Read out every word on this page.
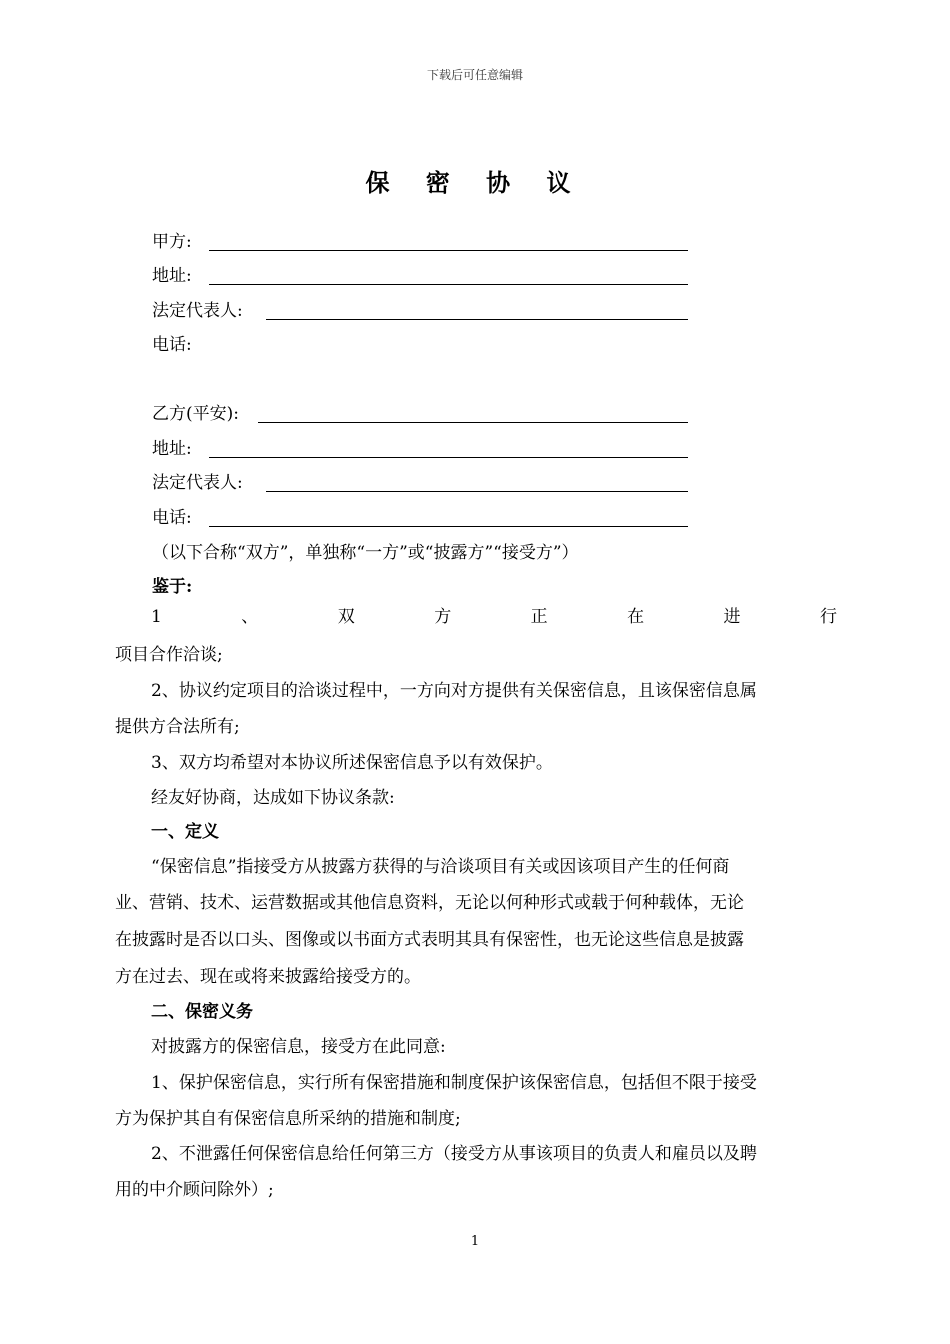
下载后可任意编辑
保 密 协 议
甲方:
地址:
法定代表人:
电话:
乙方(平安):
地址:
法定代表人:
电话:
（以下合称“双方”，单独称“一方”或“披露方”“接受方”）
鉴于:
1	、	双	方	正	在	进	行
项目合作洽谈;
2、协议约定项目的洽谈过程中，一方向对方提供有关保密信息，且该保密信息属
提供方合法所有;
3、双方均希望对本协议所述保密信息予以有效保护。
经友好协商，达成如下协议条款:
一、定义
“保密信息”指接受方从披露方获得的与洽谈项目有关或因该项目产生的任何商
业、营销、技术、运营数据或其他信息资料，无论以何种形式或载于何种载体，无论
在披露时是否以口头、图像或以书面方式表明其具有保密性，也无论这些信息是披露
方在过去、现在或将来披露给接受方的。
二、保密义务
对披露方的保密信息，接受方在此同意:
1、保护保密信息，实行所有保密措施和制度保护该保密信息，包括但不限于接受
方为保护其自有保密信息所采纳的措施和制度;
2、不泄露任何保密信息给任何第三方（接受方从事该项目的负责人和雇员以及聘
用的中介顾问除外）;
1
